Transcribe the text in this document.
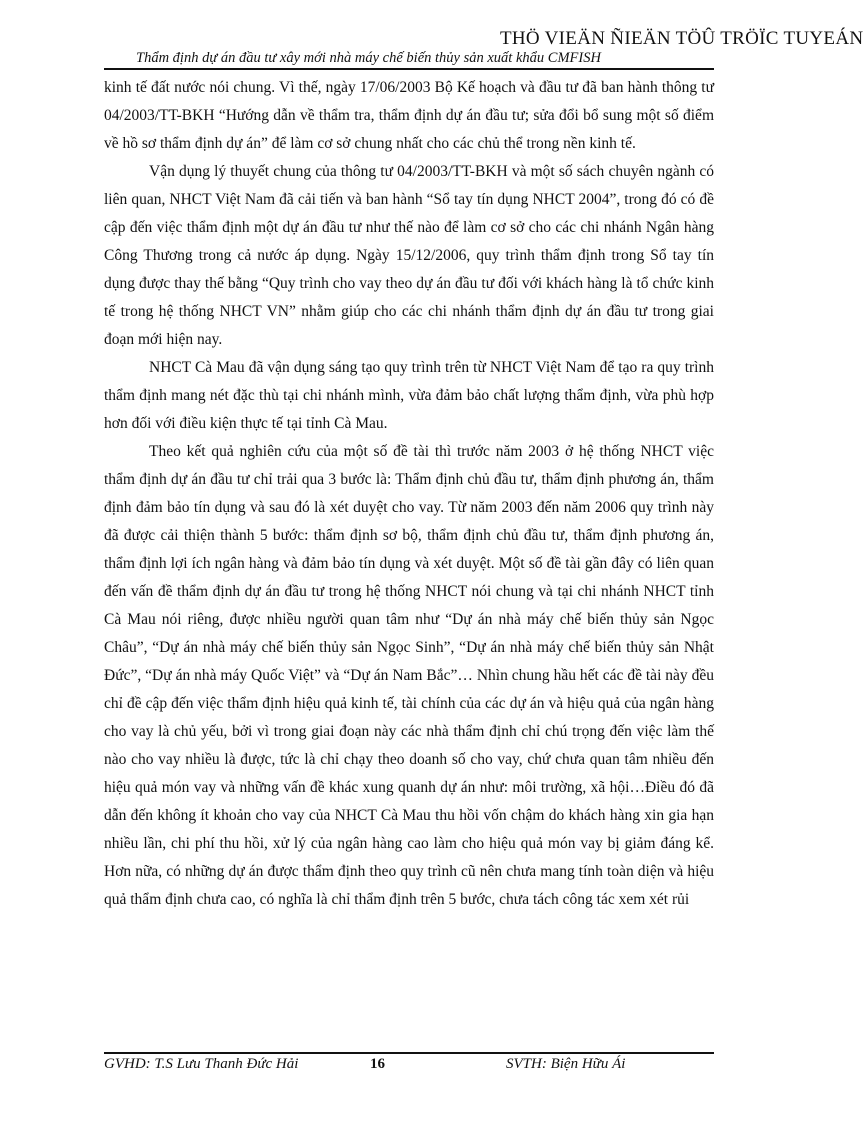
THÖ VIEÄN ÑIEÄN TÖÛ TRÖÏC TUYEÁN
Thẩm định dự án đầu tư xây mới nhà máy chế biến thủy sản xuất khẩu CMFISH

kinh tế đất nước nói chung. Vì thế, ngày 17/06/2003 Bộ Kế hoạch và đầu tư đã ban hành thông tư 04/2003/TT-BKH “Hướng dẫn về thẩm tra, thẩm định dự án đầu tư; sửa đổi bổ sung một số điểm về hồ sơ thẩm định dự án” để làm cơ sở chung nhất cho các chủ thể trong nền kinh tế.

Vận dụng lý thuyết chung của thông tư 04/2003/TT-BKH và một số sách chuyên ngành có liên quan, NHCT Việt Nam đã cải tiến và ban hành “Sổ tay tín dụng NHCT 2004”, trong đó có đề cập đến việc thẩm định một dự án đầu tư như thế nào để làm cơ sở cho các chi nhánh Ngân hàng Công Thương trong cả nước áp dụng. Ngày 15/12/2006, quy trình thẩm định trong Sổ tay tín dụng được thay thế bằng “Quy trình cho vay theo dự án đầu tư đối với khách hàng là tổ chức kinh tế trong hệ thống NHCT VN” nhằm giúp cho các chi nhánh thẩm định dự án đầu tư trong giai đoạn mới hiện nay.

NHCT Cà Mau đã vận dụng sáng tạo quy trình trên từ NHCT Việt Nam để tạo ra quy trình thẩm định mang nét đặc thù tại chi nhánh mình, vừa đảm bảo chất lượng thẩm định, vừa phù hợp hơn đối với điều kiện thực tế tại tỉnh Cà Mau.

Theo kết quả nghiên cứu của một số đề tài thì trước năm 2003 ở hệ thống NHCT việc thẩm định dự án đầu tư chỉ trải qua 3 bước là: Thẩm định chủ đầu tư, thẩm định phương án, thẩm định đảm bảo tín dụng và sau đó là xét duyệt cho vay. Từ năm 2003 đến năm 2006 quy trình này đã được cải thiện thành 5 bước: thẩm định sơ bộ, thẩm định chủ đầu tư, thẩm định phương án, thẩm định lợi ích ngân hàng và đảm bảo tín dụng và xét duyệt. Một số đề tài gần đây có liên quan đến vấn đề thẩm định dự án đầu tư trong hệ thống NHCT nói chung và tại chi nhánh NHCT tỉnh Cà Mau nói riêng, được nhiều người quan tâm như “Dự án nhà máy chế biến thủy sản Ngọc Châu”, “Dự án nhà máy chế biến thủy sản Ngọc Sinh”, “Dự án nhà máy chế biến thủy sản Nhật Đức”, “Dự án nhà máy Quốc Việt” và “Dự án Nam Bắc”… Nhìn chung hầu hết các đề tài này đều chỉ đề cập đến việc thẩm định hiệu quả kinh tế, tài chính của các dự án và hiệu quả của ngân hàng cho vay là chủ yếu, bởi vì trong giai đoạn này các nhà thẩm định chỉ chú trọng đến việc làm thế nào cho vay nhiều là được, tức là chỉ chạy theo doanh số cho vay, chứ chưa quan tâm nhiều đến hiệu quả món vay và những vấn đề khác xung quanh dự án như: môi trường, xã hội…Điều đó đã dẫn đến không ít khoản cho vay của NHCT Cà Mau thu hồi vốn chậm do khách hàng xin gia hạn nhiều lần, chi phí thu hồi, xử lý của ngân hàng cao làm cho hiệu quả món vay bị giảm đáng kể. Hơn nữa, có những dự án được thẩm định theo quy trình cũ nên chưa mang tính toàn diện và hiệu quả thẩm định chưa cao, có nghĩa là chỉ thẩm định trên 5 bước, chưa tách công tác xem xét rủi

GVHD: T.S Lưu Thanh Đức Hải	16	SVTH: Biện Hữu Ái
